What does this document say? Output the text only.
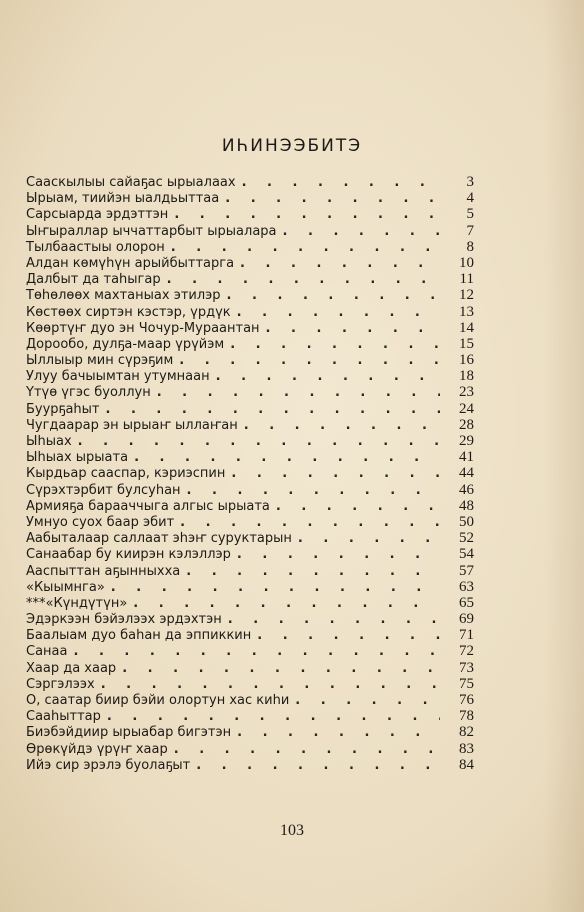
ИҺИНЭЭБИТЭ
Сааскылыы сайаҕас ырыалаах . . .	3
Ырыам, тиийэн ыалдьыттаа . . .	4
Сарсыарда эрдэттэн . . .	5
Ыҥыраллар ыччаттарбыт ырыалара . . .	7
Тылбаастыы олорон . . .	8
Алдан көмүһүн арыйбыттарга . . .	10
Далбыт да таһыгар . . .	11
Төһөлөөх махтаныах этилэр . . .	12
Көстөөх сиртэн кэстэр, үрдүк . . .	13
Көөртүҥ дуо эн Чочур-Мураантан . . .	14
Дорообо, дулҕа-маар үрүйэм . . .	15
Ыллыыр мин сүрэҕим . . .	16
Улуу бачыымтан утумнаан . . .	18
Үтүө үгэс буоллун . . .	23
Буурҕаһыт . . .	24
Чугдаарар эн ырыаҥ ыллаҥан . . .	28
Ыһыах . . .	29
Ыһыах ырыата . . .	41
Кырдьар сааспар, кэриэспин . . .	44
Сүрэхтэрбит булсуһан . . .	46
Армияҕа барааччыга алгыс ырыата . . .	48
Умнуо суох баар эбит . . .	50
Аабыталаар саллаат эһэҥ суруктарын . . .	52
Санаабар бу киирэн кэлэллэр . . .	54
Ааспыттан аҕынныхха . . .	57
«Кыымнга» . . .	63
***«Күндүтүн» . . .	65
Эдэркээн бэйэлээх эрдэхтэн . . .	69
Баалыам дуо баһан да эппиккин . . .	71
Санаа . . .	72
Хаар да хаар . . .	73
Сэргэлээх . . .	75
О, саатар биир бэйи олортун хас киһи . . .	76
Сааһыттар . . .	78
Биэбэйдиир ырыабар бигэтэн . . .	82
Өрөкүйдэ үрүҥ хаар . . .	83
Ийэ сир эрэлэ буолаҕыт . . .	84
103
